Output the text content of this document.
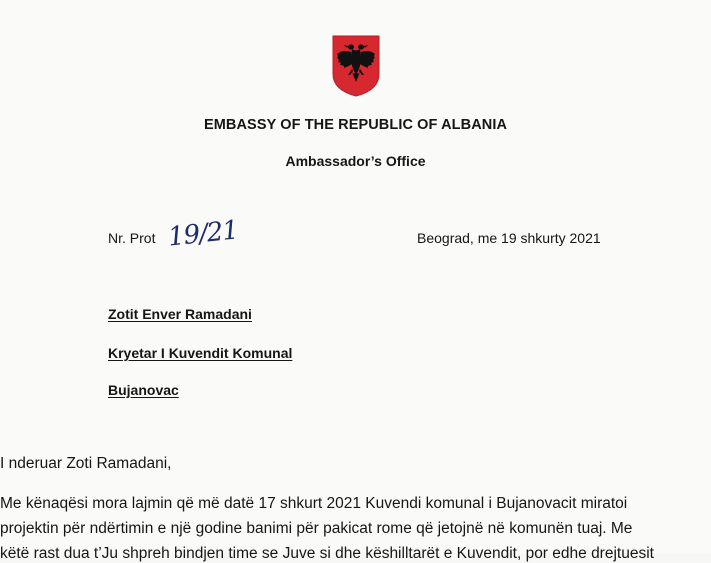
EMBASSY OF THE REPUBLIC OF ALBANIA
Ambassador’s Office
Nr. Prot 19/21	Beograd, me 19 shkurty 2021
Zotit Enver Ramadani
Kryetar I Kuvendit Komunal
Bujanovac
I nderuar Zoti Ramadani,
Me kënaqësi mora lajmin që më datë 17 shkurt 2021 Kuvendi komunal i Bujanovacit miratoi
projektin për ndërtimin e një godine banimi për pakicat rome që jetojnë në komunën tuaj. Me
këtë rast dua t’Ju shpreh bindjen time se Juve si dhe këshilltarët e Kuvendit, por edhe drejtuesit
